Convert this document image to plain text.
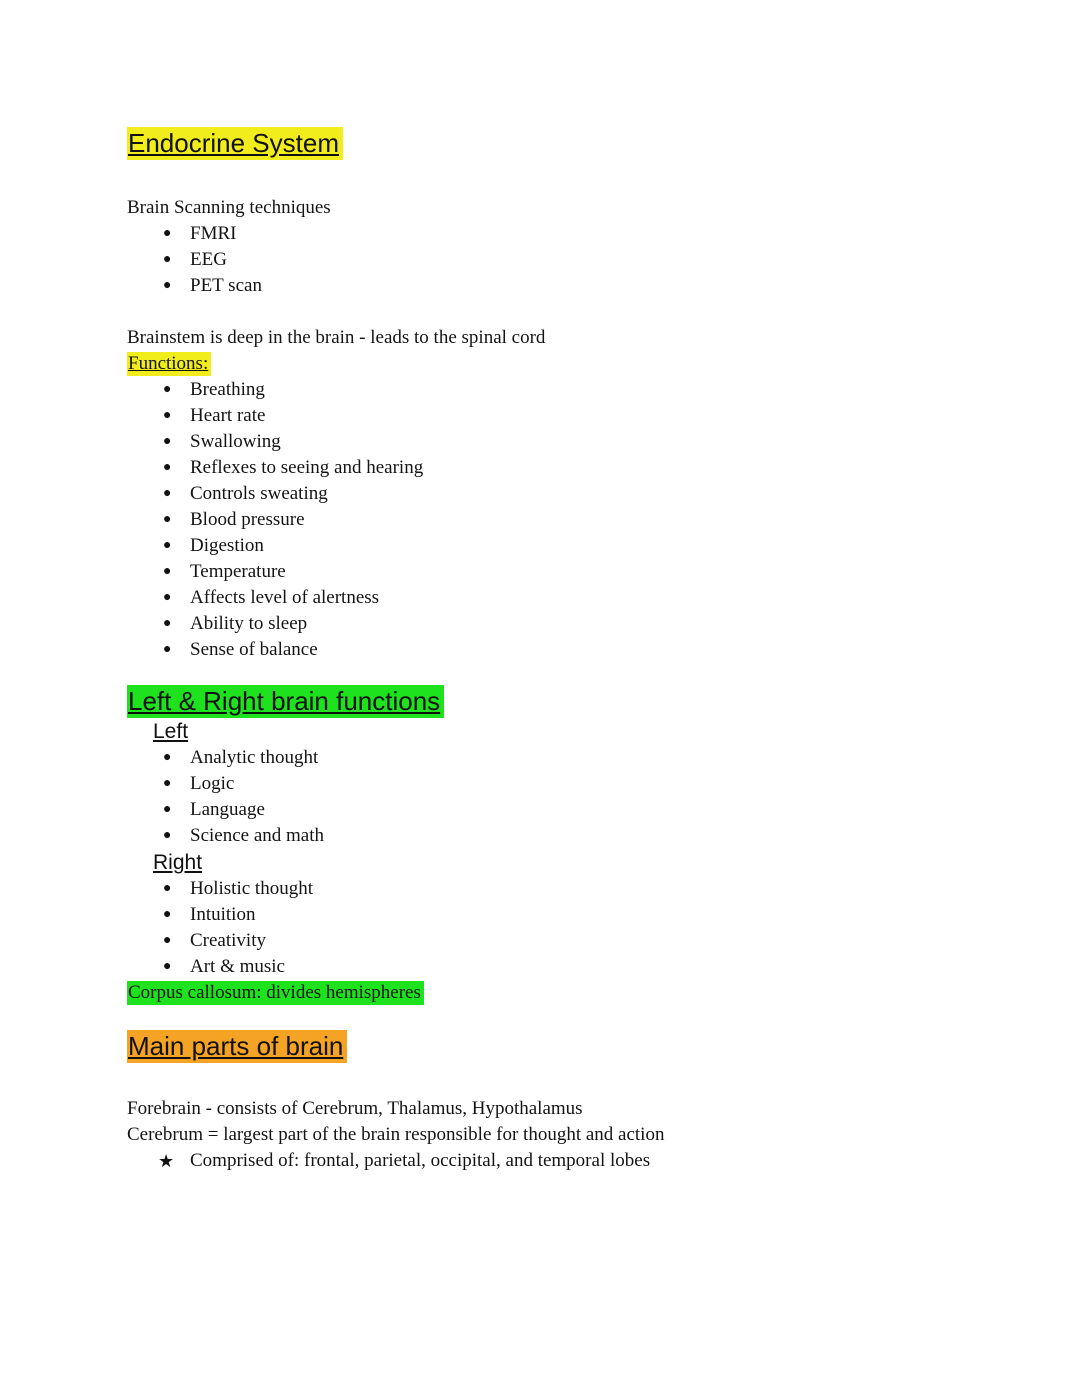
Endocrine System

Brain Scanning techniques

● FMRI
● EEG
● PET scan

Brainstem is deep in the brain - leads to the spinal cord

Functions:

● Breathing
● Heart rate
● Swallowing
● Reflexes to seeing and hearing
● Controls sweating
● Blood pressure
● Digestion
● Temperature
● Affects level of alertness
● Ability to sleep
● Sense of balance
Left & Right brain functions

Left

● Analytic thought
● Logic
● Language
● Science and math

Right

● Holistic thought
● Intuition
● Creativity
● Art & music

Corpus callosum: divides hemispheres

Main parts of brain

Forebrain - consists of Cerebrum, Thalamus, Hypothalamus

Cerebrum = largest part of the brain responsible for thought and action

★ Comprised of: frontal, parietal, occipital, and temporal lobes
